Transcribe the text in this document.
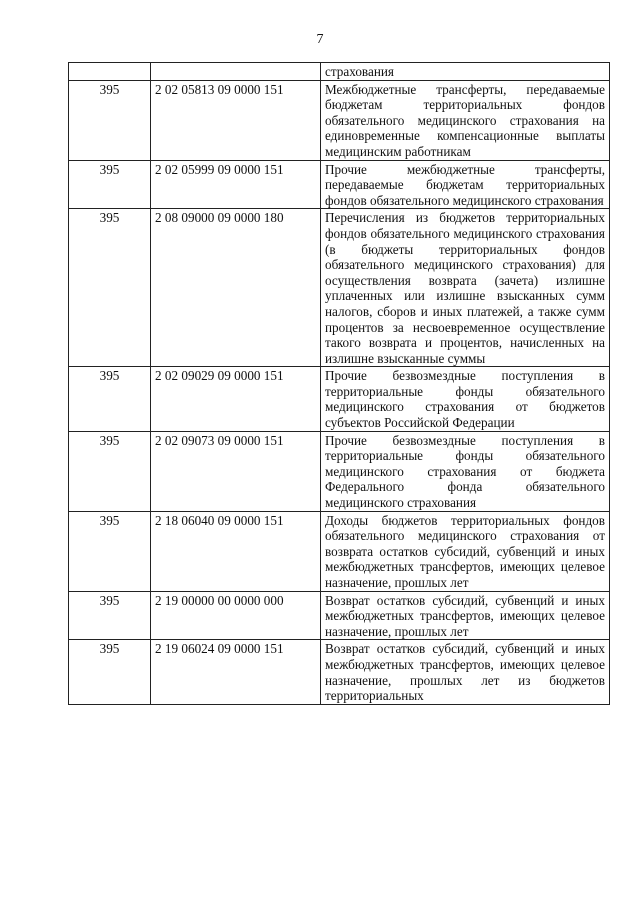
7
		страхования
395	2 02 05813 09 0000 151	Межбюджетные трансферты, передаваемые бюджетам территориальных фондов обязательного медицинского страхования на единовременные компенсационные выплаты медицинским работникам
395	2 02 05999 09 0000 151	Прочие межбюджетные трансферты, передаваемые бюджетам территориальных фондов обязательного медицинского страхования
395	2 08 09000 09 0000 180	Перечисления из бюджетов территориальных фондов обязательного медицинского страхования (в бюджеты территориальных фондов обязательного медицинского страхования) для осуществления возврата (зачета) излишне уплаченных или излишне взысканных сумм налогов, сборов и иных платежей, а также сумм процентов за несвоевременное осуществление такого возврата и процентов, начисленных на излишне взысканные суммы
395	2 02 09029 09 0000 151	Прочие безвозмездные поступления в территориальные фонды обязательного медицинского страхования от бюджетов субъектов Российской Федерации
395	2 02 09073 09 0000 151	Прочие безвозмездные поступления в территориальные фонды обязательного медицинского страхования от бюджета Федерального фонда обязательного медицинского страхования
395	2 18 06040 09 0000 151	Доходы бюджетов территориальных фондов обязательного медицинского страхования от возврата остатков субсидий, субвенций и иных межбюджетных трансфертов, имеющих целевое назначение, прошлых лет
395	2 19 00000 00 0000 000	Возврат остатков субсидий, субвенций и иных межбюджетных трансфертов, имеющих целевое назначение, прошлых лет
395	2 19 06024 09 0000 151	Возврат остатков субсидий, субвенций и иных межбюджетных трансфертов, имеющих целевое назначение, прошлых лет из бюджетов территориальных
